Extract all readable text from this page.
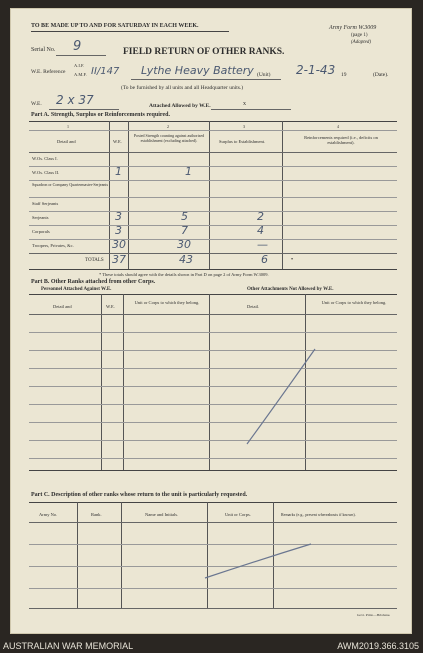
TO BE MADE UP TO AND FOR SATURDAY IN EACH WEEK.	Army Form W.3009
(page 1)
(Adapted)
Serial No. 9	FIELD RETURN OF OTHER RANKS.
W.E. Reference
A.I.F.
A.M.F. II/147 Lythe Heavy Battery (Unit) 2-1-43 19	(Date).
(To be furnished by all units and all Headquarter units.)
W.E. 2 x 37	Attached Allowed by W.E.	x
Part A. Strength, Surplus or Reinforcements required.
1	2	3	4
Detail and	W.E.
Posted Strength counting against authorised establishment (excluding attached).	Surplus to Establishment.
Reinforcements required (i.e., deficits on establishment).
W.Os. Class I.
W.Os. Class II.	1	1
Squadron or Company Quartermaster-Serjeants
Staff Serjeants
Serjeants	3	5	2
Corporals	3	7	4
Troopers, Privates, &c.	30	30	—
TOTALS 37	43	6	•
* These totals should agree with the details shown in Part D on page 2 of Army Form W.3009.
Part B. Other Ranks attached from other Corps.
Personnel Attached Against W.E.	Other Attachments Not Allowed by W.E.
Detail and	W.E.
Unit or Corps to which they belong.
Detail.
Unit or Corps to which they belong.
Part C. Description of other ranks whose return to the unit is particularly requested.
Army No.	Rank.	Name and Initials.	Unit or Corps.	Remarks (e.g., present whereabouts if known).
Govt. Print.—Brisbane.
AUSTRALIAN WAR MEMORIAL	AWM2019.366.3105
